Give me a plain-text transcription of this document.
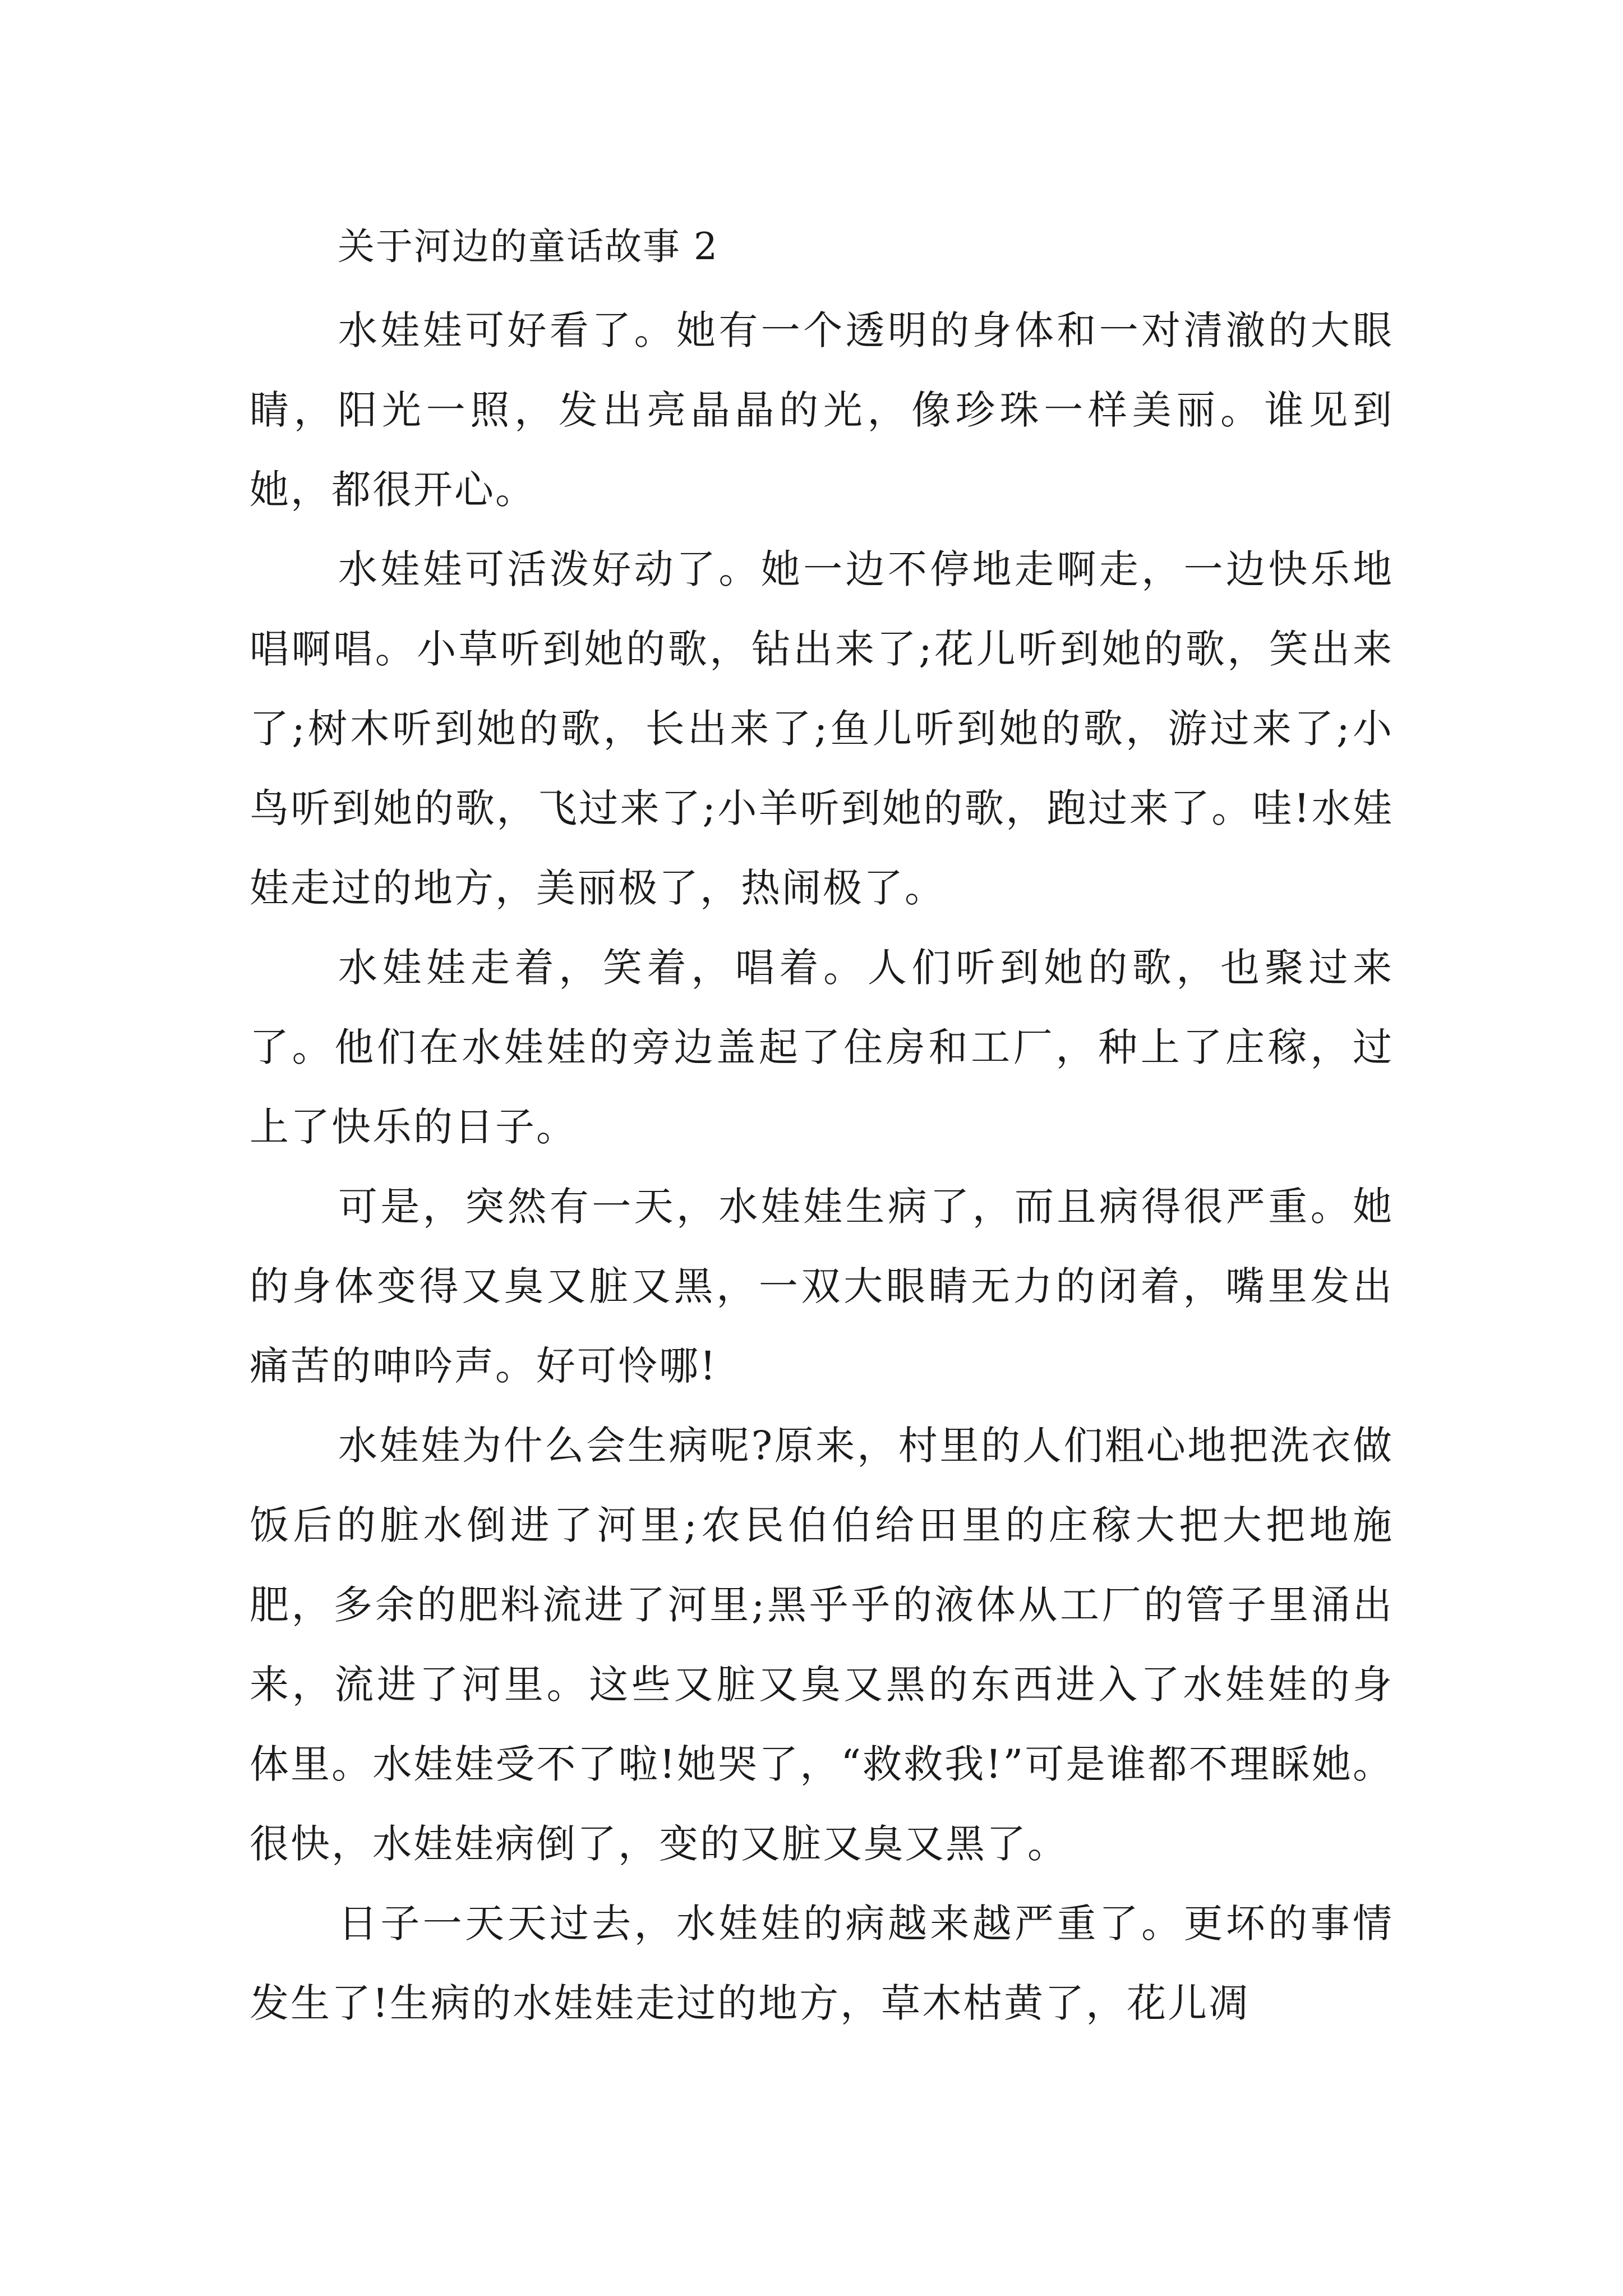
关于河边的童话故事 2

水娃娃可好看了。她有一个透明的身体和一对清澈的大眼睛，阳光一照，发出亮晶晶的光，像珍珠一样美丽。谁见到她，都很开心。

水娃娃可活泼好动了。她一边不停地走啊走，一边快乐地唱啊唱。小草听到她的歌，钻出来了;花儿听到她的歌，笑出来了;树木听到她的歌，长出来了;鱼儿听到她的歌，游过来了;小鸟听到她的歌，飞过来了;小羊听到她的歌，跑过来了。哇!水娃娃走过的地方，美丽极了，热闹极了。

水娃娃走着，笑着，唱着。人们听到她的歌，也聚过来了。他们在水娃娃的旁边盖起了住房和工厂，种上了庄稼，过上了快乐的日子。

可是，突然有一天，水娃娃生病了，而且病得很严重。她的身体变得又臭又脏又黑，一双大眼睛无力的闭着，嘴里发出痛苦的呻吟声。好可怜哪!

水娃娃为什么会生病呢?原来，村里的人们粗心地把洗衣做饭后的脏水倒进了河里;农民伯伯给田里的庄稼大把大把地施肥，多余的肥料流进了河里;黑乎乎的液体从工厂的管子里涌出来，流进了河里。这些又脏又臭又黑的东西进入了水娃娃的身体里。水娃娃受不了啦!她哭了，“救救我!”可是谁都不理睬她。很快，水娃娃病倒了，变的又脏又臭又黑了。

日子一天天过去，水娃娃的病越来越严重了。更坏的事情发生了!生病的水娃娃走过的地方，草木枯黄了，花儿凋
